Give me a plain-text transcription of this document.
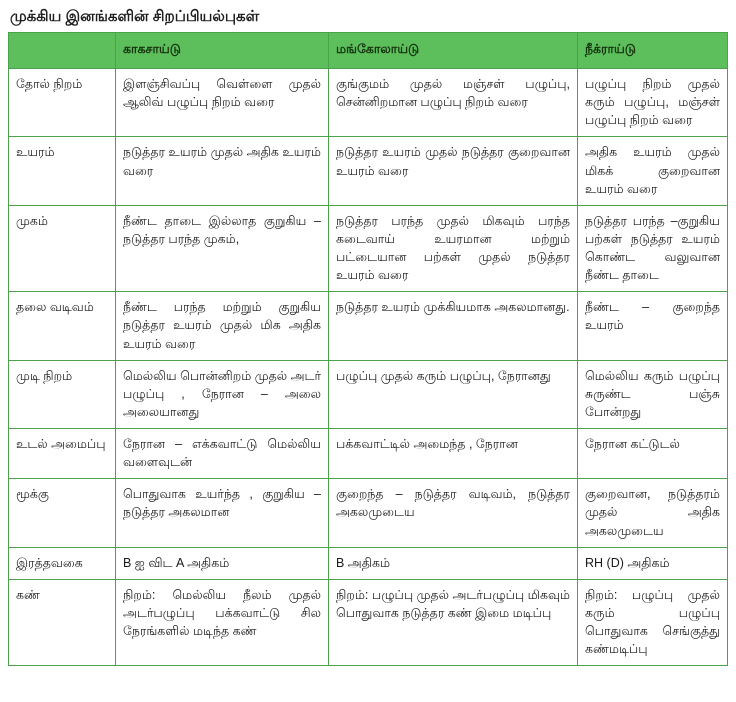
முக்கிய இனங்களின் சிறப்பியல்புகள்
	காகசாய்டு	மங்கோலாய்டு	நீக்ராய்டு
தோல் நிறம்	இளஞ்சிவப்பு வெள்ளை முதல் ஆலிவ் பழுப்பு நிறம் வரை	குங்கும‌ம் முதல் மஞ்சள் பழுப்பு, சென்னிறமான பழுப்பு நிறம் வரை	பழுப்பு நிறம் முதல் கரும் பழுப்பு, மஞ்சள் பழுப்பு நிறம் வரை
உயரம்	நடுத்தர உயரம் முதல் அதிக உயரம் வரை	நடுத்தர உயரம் முதல் நடுத்தர குறைவான உயரம் வரை	அதிக உயரம் முதல் மிகக் குறைவான உயரம் வரை
முகம்	நீண்ட தாடை இல்லாத குறுகிய – நடுத்தர பரந்த முகம்,	நடுத்தர பரந்த முதல் மிகவும் பரந்த கடைவாய் உயரமான மற்றும் பட்டையான பற்கள் முதல் நடுத்தர உயரம் வரை	நடுத்தர பரந்த –குறுகிய பற்கள் நடுத்தர உயரம் கொண்ட வலுவான நீண்ட தாடை
தலை வடிவம்	நீண்ட பரந்த மற்றும் குறுகிய நடுத்தர உயரம் முதல் மிக அதிக உயரம் வரை	நடுத்தர உயரம் முக்கியமாக அகலமானது.	நீண்ட – குறைந்த உயரம்
முடி நிறம்	மெல்லிய பொன்னிறம் முதல் அடர் பழுப்பு , நேரான – அலை அலையானது	பழுப்பு முதல் கரும் பழுப்பு, நேரானது	மெல்லிய கரும் பழுப்பு சுருண்ட பஞ்சு போன்றது
உடல் அமைப்பு	நேரான – எக்கவாட்டு மெல்லிய வளைவுடன்	பக்கவாட்டில் அமைந்த , நேரான	நேரான கட்டுடல்
மூக்கு	பொதுவாக உயர்ந்த , குறுகிய – நடுத்தர அகலமான	குறைந்த – நடுத்தர வடிவம், நடுத்தர அகலமுடைய	குறைவான, நடுத்தரம் முதல் அதிக அகலமுடைய
இரத்தவகை	B ஐ விட A அதிகம்	B அதிகம்	RH (D) அதிகம்
கண்	நிறம்: மெல்லிய நீலம் முதல் அடர்பழுப்பு பக்கவாட்டு சில நேரங்களில் மடிந்த கண்	நிறம்: பழுப்பு முதல் அடர்பழுப்பு மிகவும் பொதுவாக நடுத்தர கண் இமை மடிப்பு	நிறம்: பழுப்பு முதல் கரும் பழுப்பு பொதுவாக செங்குத்து கண்மடிப்பு
